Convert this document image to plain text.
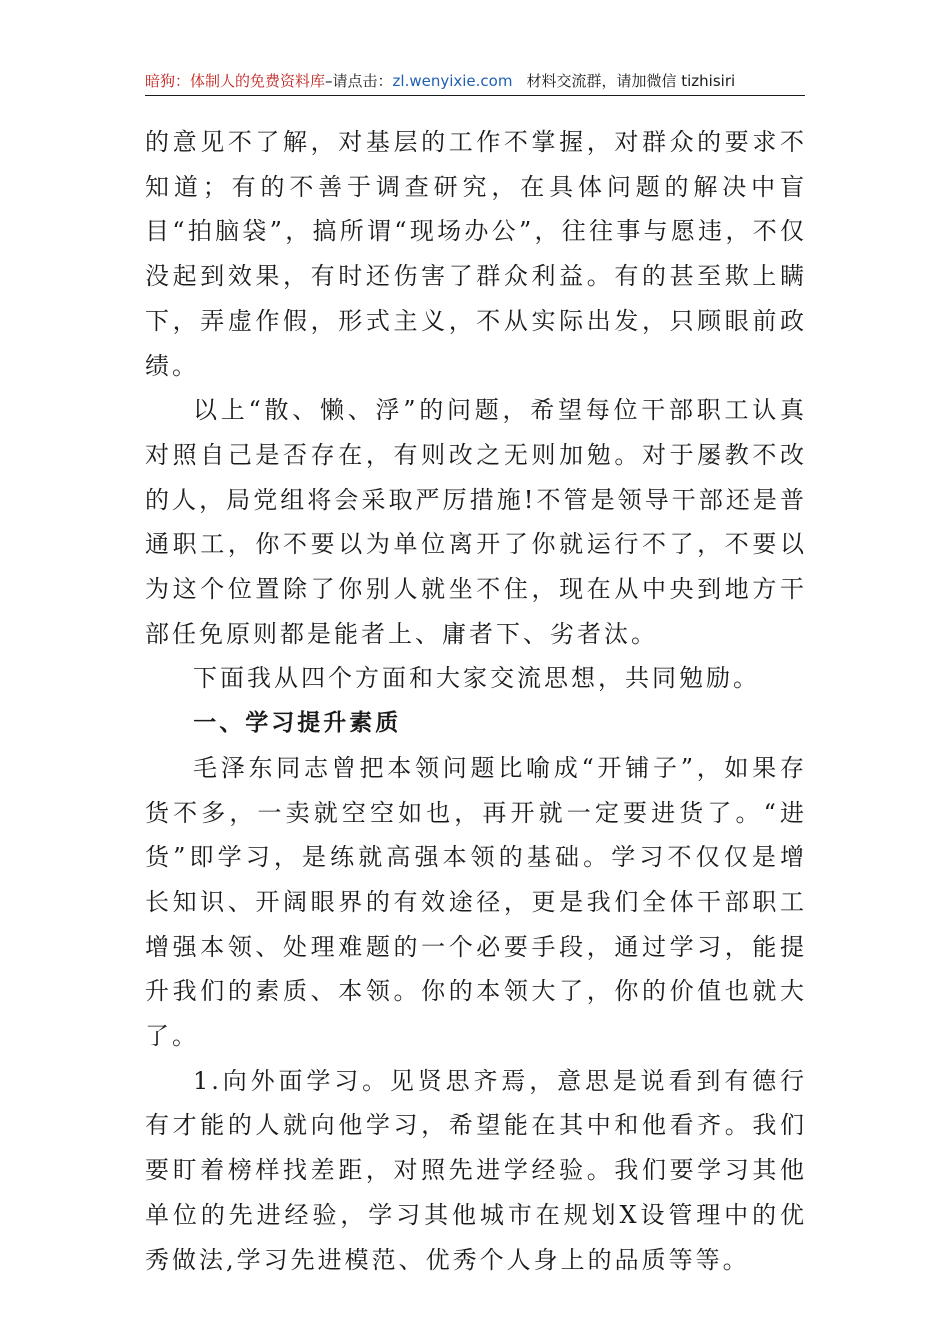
暗狗：体制人的免费资料库–请点击：zl.wenyixie.com 材料交流群，请加微信 tizhisiri

的意见不了解，对基层的工作不掌握，对群众的要求不知道；有的不善于调查研究，在具体问题的解决中盲目“拍脑袋”，搞所谓“现场办公”，往往事与愿违，不仅没起到效果，有时还伤害了群众利益。有的甚至欺上瞒下，弄虚作假，形式主义，不从实际出发，只顾眼前政绩。

以上“散、懒、浮”的问题，希望每位干部职工认真对照自己是否存在，有则改之无则加勉。对于屡教不改的人，局党组将会采取严厉措施!不管是领导干部还是普通职工，你不要以为单位离开了你就运行不了，不要以为这个位置除了你别人就坐不住，现在从中央到地方干部任免原则都是能者上、庸者下、劣者汰。

下面我从四个方面和大家交流思想，共同勉励。

一、学习提升素质

毛泽东同志曾把本领问题比喻成“开铺子”，如果存货不多，一卖就空空如也，再开就一定要进货了。“进货”即学习，是练就高强本领的基础。学习不仅仅是增长知识、开阔眼界的有效途径，更是我们全体干部职工增强本领、处理难题的一个必要手段，通过学习，能提升我们的素质、本领。你的本领大了，你的价值也就大了。

1.向外面学习。见贤思齐焉，意思是说看到有德行有才能的人就向他学习，希望能在其中和他看齐。我们要盯着榜样找差距，对照先进学经验。我们要学习其他单位的先进经验，学习其他城市在规划X设管理中的优秀做法,学习先进模范、优秀个人身上的品质等等。
